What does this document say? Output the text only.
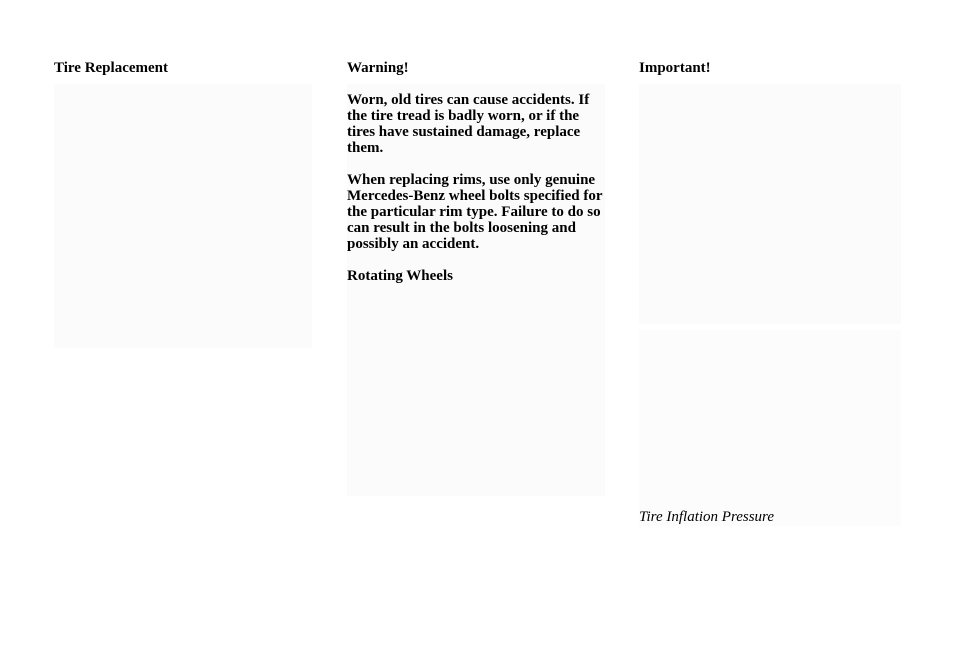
Tire Replacement	Warning!

Worn, old tires can cause accidents. If the tire tread is badly worn, or if the tires have sustained damage, replace them.

When replacing rims, use only genuine Mercedes-Benz wheel bolts specified for the particular rim type. Failure to do so can result in the bolts loosening and possibly an accident.

Rotating Wheels
Important!

Tire Inflation Pressure
